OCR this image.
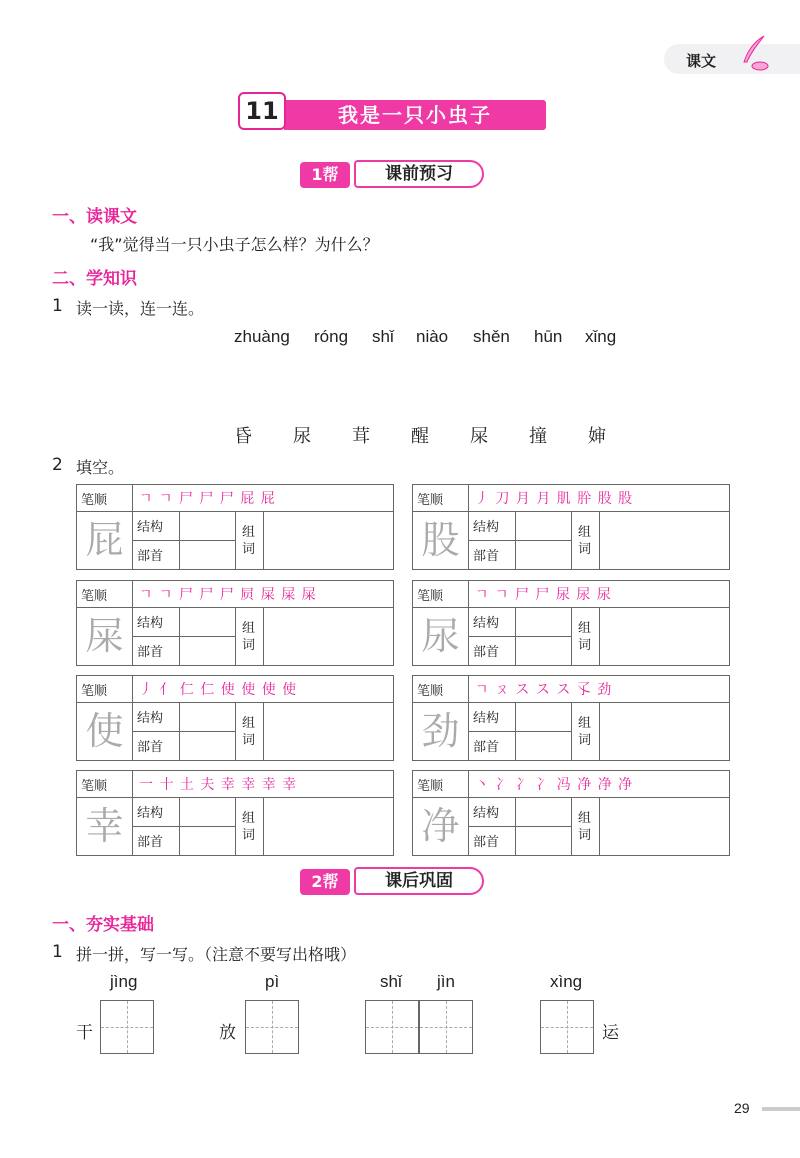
课文
我是一只小虫子
11
1帮	课前预习
一、读课文
“我”觉得当一只小虫子怎么样？为什么？
二、学知识
1 读一读，连一连。
zhuàng róng shǐ niào shěn hūn xǐng
昏 尿 茸 醒 屎 撞 婶
2 填空。
笔顺 ㄱ ㄱ 尸 尸 尸 屁 屁
屁	结构
部首
组词
笔顺 丿 刀 月 月 肌 肸 股 股
股	结构
部首
组词
笔顺 ㄱ ㄱ 尸 尸 尸 屃 屎 屎 屎
屎	结构
部首
组词
笔顺 ㄱ ㄱ 尸 尸 尿 尿 尿
尿	结构
部首
组词
笔顺 丿 亻 仁 仁 使 使 使 使
使	结构
部首
组词
笔顺 ㄱ ㄡ ス ス ス 孓 劲
劲	结构
部首
组词
笔顺 一 十 土 夫 幸 幸 幸 幸
幸	结构
部首
组词
笔顺 丶 冫 冫 冫 冯 净 净 净
净	结构
部首
组词
2帮	课后巩固
一、夯实基础
1 拼一拼，写一写。（注意不要写出格哦）
jìng
干
pì
放
shǐ jìn	xìng
运
29
